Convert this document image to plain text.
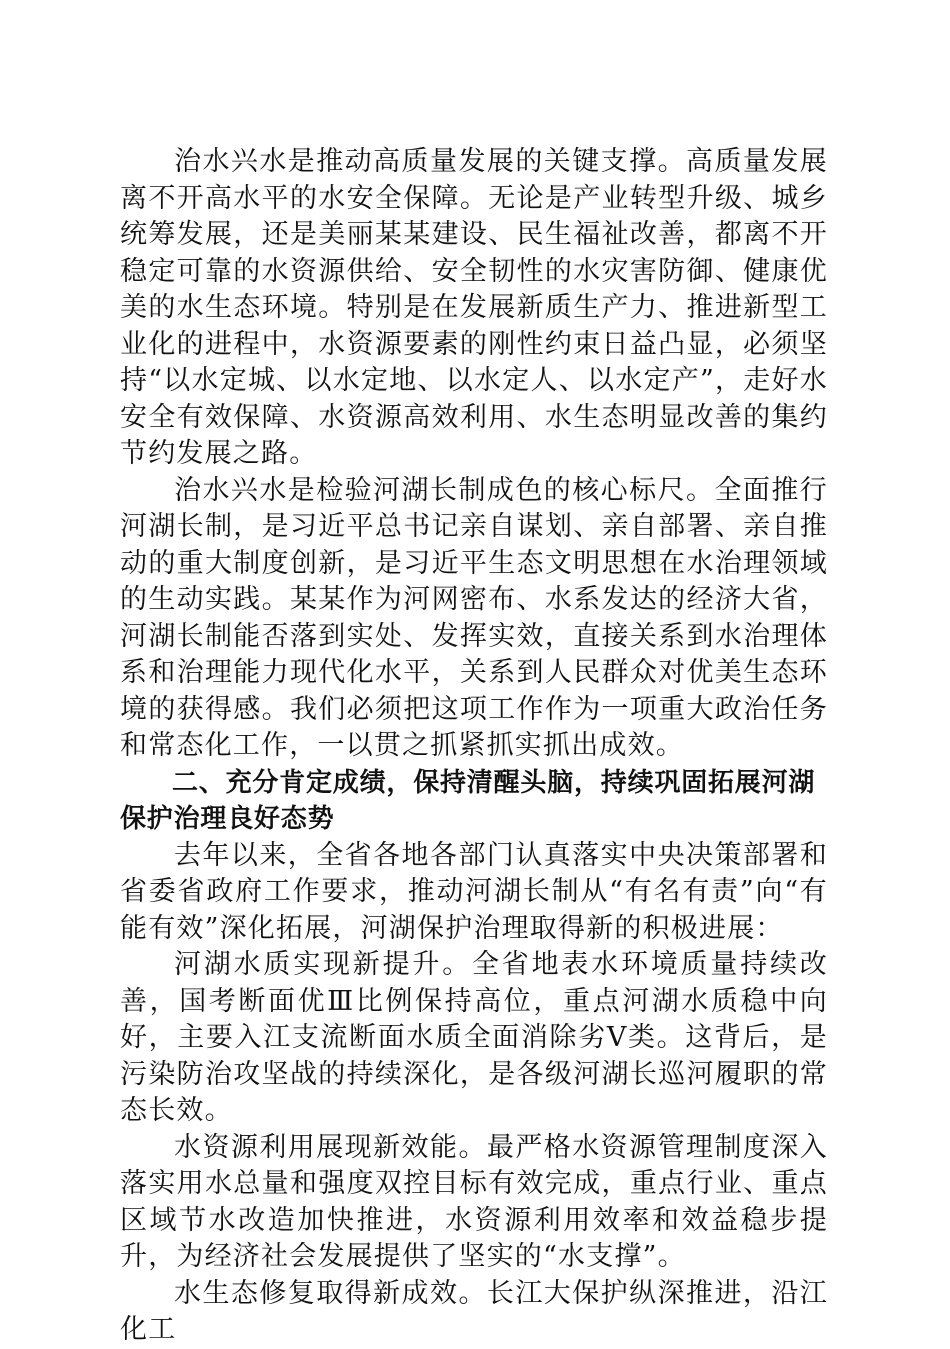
治水兴水是推动高质量发展的关键支撑。高质量发展离不开高水平的水安全保障。无论是产业转型升级、城乡统筹发展，还是美丽某某建设、民生福祉改善，都离不开稳定可靠的水资源供给、安全韧性的水灾害防御、健康优美的水生态环境。特别是在发展新质生产力、推进新型工业化的进程中，水资源要素的刚性约束日益凸显，必须坚持“以水定城、以水定地、以水定人、以水定产”，走好水安全有效保障、水资源高效利用、水生态明显改善的集约节约发展之路。

治水兴水是检验河湖长制成色的核心标尺。全面推行河湖长制，是习近平总书记亲自谋划、亲自部署、亲自推动的重大制度创新，是习近平生态文明思想在水治理领域的生动实践。某某作为河网密布、水系发达的经济大省，河湖长制能否落到实处、发挥实效，直接关系到水治理体系和治理能力现代化水平，关系到人民群众对优美生态环境的获得感。我们必须把这项工作作为一项重大政治任务和常态化工作，一以贯之抓紧抓实抓出成效。

二、充分肯定成绩，保持清醒头脑，持续巩固拓展河湖保护治理良好态势

去年以来，全省各地各部门认真落实中央决策部署和省委省政府工作要求，推动河湖长制从“有名有责”向“有能有效”深化拓展，河湖保护治理取得新的积极进展：

河湖水质实现新提升。全省地表水环境质量持续改善，国考断面优Ⅲ比例保持高位，重点河湖水质稳中向好，主要入江支流断面水质全面消除劣Ⅴ类。这背后，是污染防治攻坚战的持续深化，是各级河湖长巡河履职的常态长效。

水资源利用展现新效能。最严格水资源管理制度深入落实用水总量和强度双控目标有效完成，重点行业、重点区域节水改造加快推进，水资源利用效率和效益稳步提升，为经济社会发展提供了坚实的“水支撑”。

水生态修复取得新成效。长江大保护纵深推进，沿江化工
